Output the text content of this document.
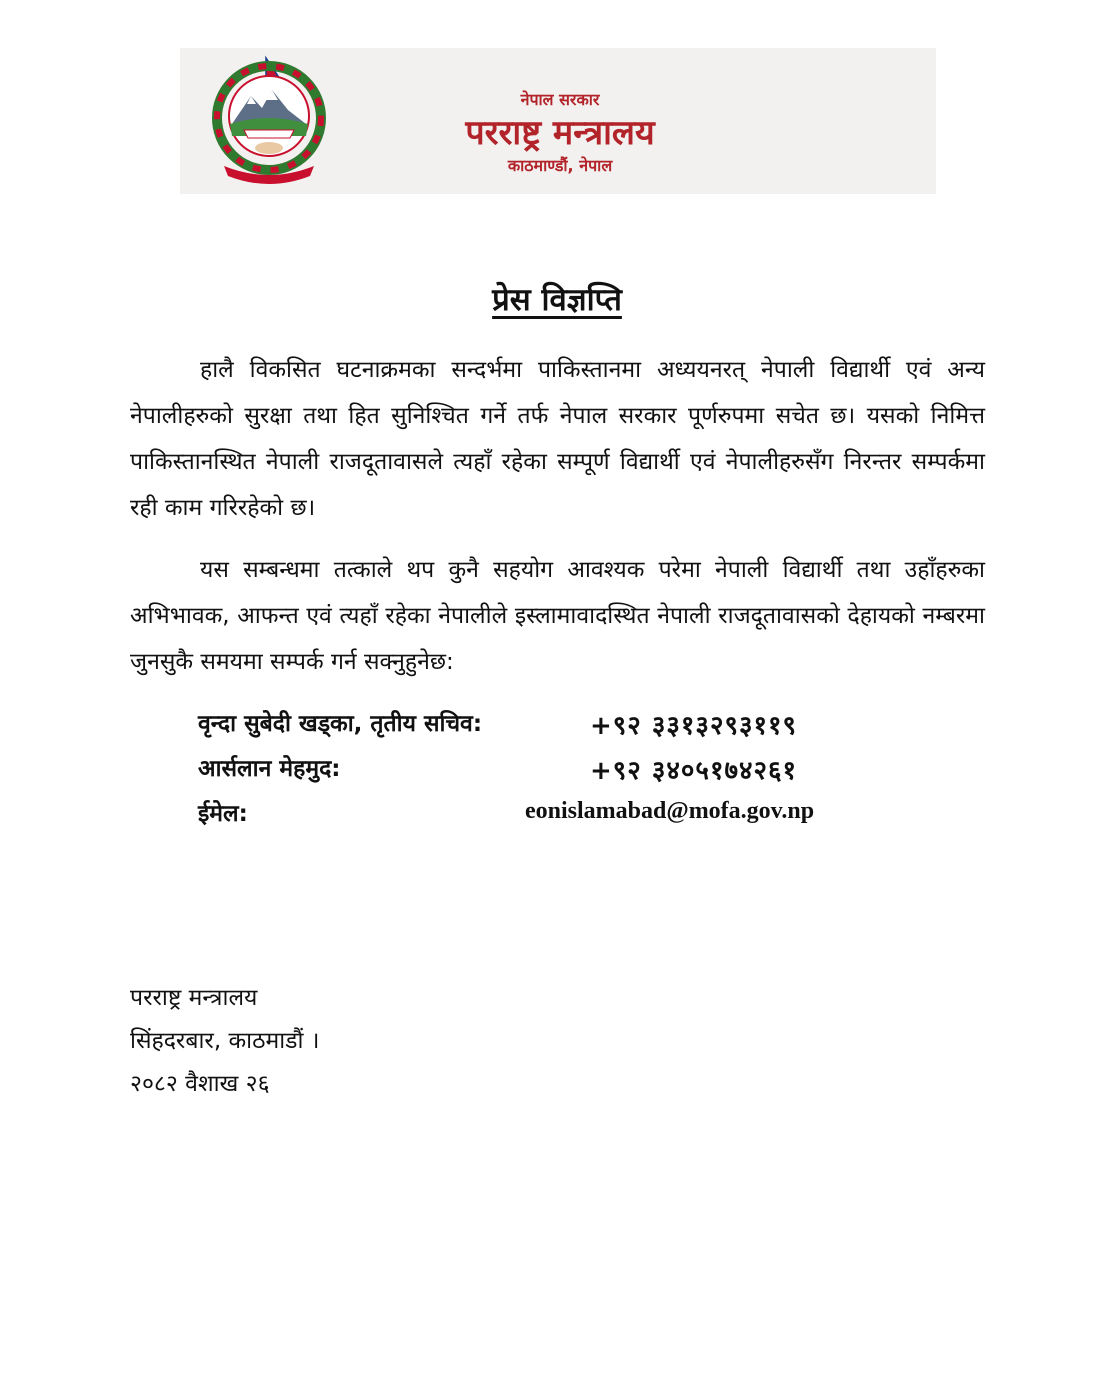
नेपाल सरकार
परराष्ट्र मन्त्रालय
काठमाण्डौं, नेपाल
प्रेस विज्ञप्ति
हालै विकसित घटनाक्रमका सन्दर्भमा पाकिस्तानमा अध्ययनरत् नेपाली विद्यार्थी एवं अन्य नेपालीहरुको सुरक्षा तथा हित सुनिश्चित गर्ने तर्फ नेपाल सरकार पूर्णरुपमा सचेत छ। यसको निमित्त पाकिस्तानस्थित नेपाली राजदूतावासले त्यहाँ रहेका सम्पूर्ण विद्यार्थी एवं नेपालीहरुसँग निरन्तर सम्पर्कमा रही काम गरिरहेको छ।
यस सम्बन्धमा तत्काले थप कुनै सहयोग आवश्यक परेमा नेपाली विद्यार्थी तथा उहाँहरुका अभिभावक, आफन्त एवं त्यहाँ रहेका नेपालीले इस्लामावादस्थित नेपाली राजदूतावासको देहायको नम्बरमा जुनसुकै समयमा सम्पर्क गर्न सक्नुहुनेछ:
वृन्दा सुबेदी खड्का, तृतीय सचिव:	+९२ ३३१३२९३११९
आर्सलान मेहमुद:	+९२ ३४०५१७४२६१
ईमेल:	eonislamabad@mofa.gov.np
परराष्ट्र मन्त्रालय
सिंहदरबार, काठमाडौं ।
२०८२ वैशाख २६
